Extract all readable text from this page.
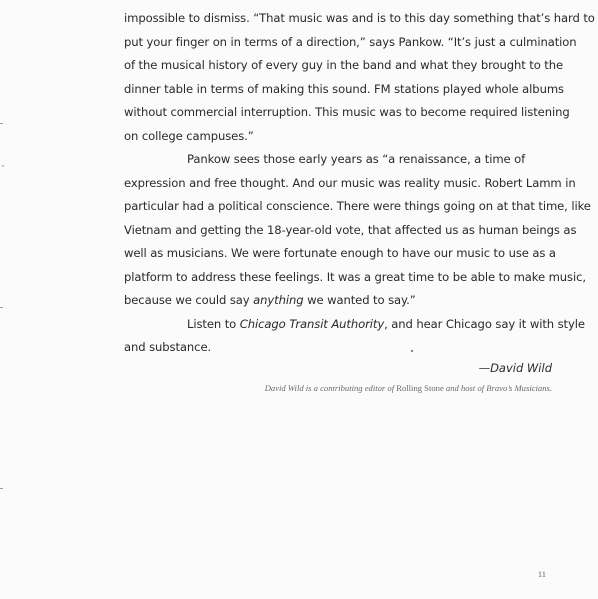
”
impossible to dismiss. “That music was and is to this day something that’s hard to
put your finger on in terms of a direction,” says Pankow. “It’s just a culmination
of the musical history of every guy in the band and what they brought to the
dinner table in terms of making this sound. FM stations played whole albums
without commercial interruption. This music was to become required listening
on college campuses.”
Pankow sees those early years as “a renaissance, a time of
expression and free thought. And our music was reality music. Robert Lamm in
particular had a political conscience. There were things going on at that time, like
Vietnam and getting the 18-year-old vote, that affected us as human beings as
well as musicians. We were fortunate enough to have our music to use as a
platform to address these feelings. It was a great time to be able to make music,
because we could say anything we wanted to say.”
Listen to Chicago Transit Authority, and hear Chicago say it with style
and substance.
—David Wild
David Wild is a contributing editor of Rolling Stone and host of Bravo’s Musicians.
11
